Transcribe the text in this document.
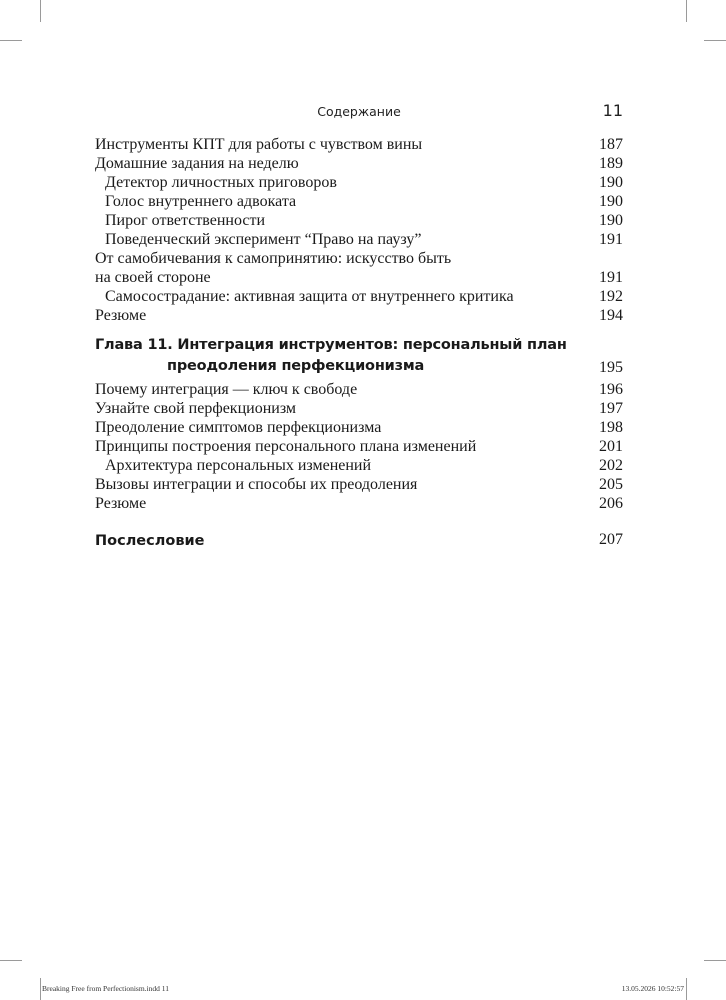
Содержание	11
Инструменты КПТ для работы с чувством вины	187
Домашние задания на неделю	189
Детектор личностных приговоров	190
Голос внутреннего адвоката	190
Пирог ответственности	190
Поведенческий эксперимент “Право на паузу”	191
От самобичевания к самопринятию: искусство быть
на своей стороне	191
Самосострадание: активная защита от внутреннего критика	192
Резюме	194
Глава 11. Интеграция инструментов: персональный план
преодоления перфекционизма	195
Почему интеграция — ключ к свободе	196
Узнайте свой перфекционизм	197
Преодоление симптомов перфекционизма	198
Принципы построения персонального плана изменений	201
Архитектура персональных изменений	202
Вызовы интеграции и способы их преодоления	205
Резюме	206
Послесловие	207
Breaking Free from Perfectionism.indd 11	13.05.2026 10:52:57
